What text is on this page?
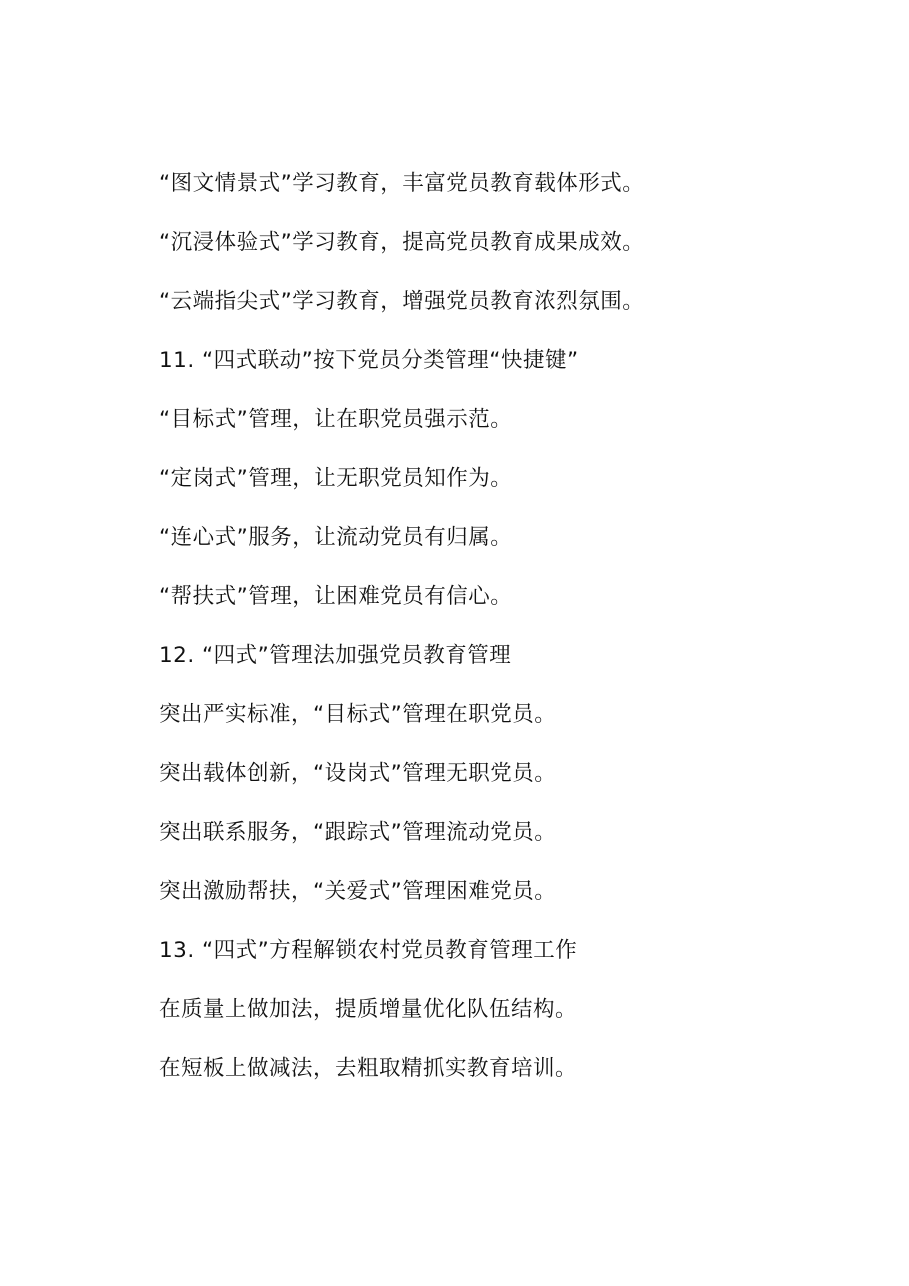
“图文情景式”学习教育，丰富党员教育载体形式。
“沉浸体验式”学习教育，提高党员教育成果成效。
“云端指尖式”学习教育，增强党员教育浓烈氛围。
11. “四式联动”按下党员分类管理“快捷键”
“目标式”管理，让在职党员强示范。
“定岗式”管理，让无职党员知作为。
“连心式”服务，让流动党员有归属。
“帮扶式”管理，让困难党员有信心。
12. “四式”管理法加强党员教育管理
突出严实标准，“目标式”管理在职党员。
突出载体创新，“设岗式”管理无职党员。
突出联系服务，“跟踪式”管理流动党员。
突出激励帮扶，“关爱式”管理困难党员。
13. “四式”方程解锁农村党员教育管理工作
在质量上做加法，提质增量优化队伍结构。
在短板上做减法，去粗取精抓实教育培训。
